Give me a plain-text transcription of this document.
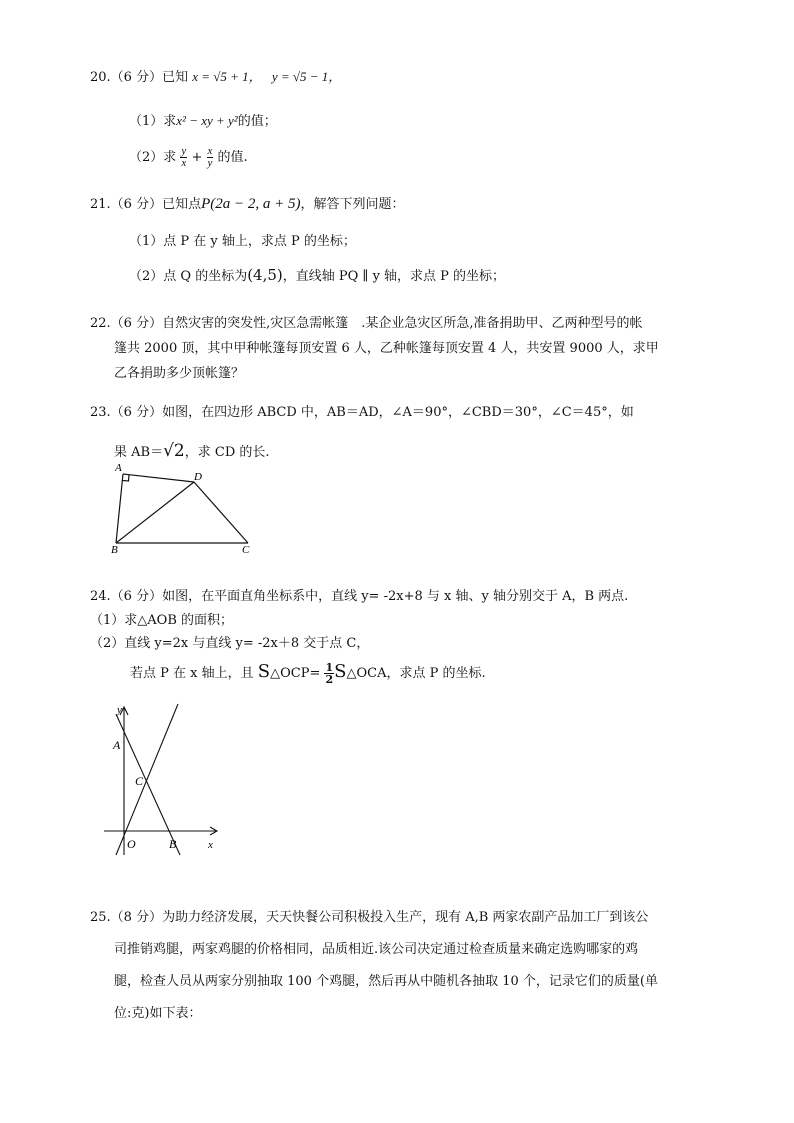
20.（6 分）已知 x = √5 + 1， y = √5 − 1，
（1）求x² − xy + y²的值；
（2）求 $\frac{y}{x} + \frac{x}{y}$ 的值.
21.（6 分）已知点P(2a − 2, a + 5)，解答下列问题：
（1）点 P 在 y 轴上，求点 P 的坐标；
（2）点 Q 的坐标为(4,5)，直线轴 PQ ∥ y 轴，求点 P 的坐标；
22.（6 分）自然灾害的突发性,灾区急需帐篷　.某企业急灾区所急,准备捐助甲、乙两种型号的帐
篷共 2000 顶，其中甲种帐篷每顶安置 6 人，乙种帐篷每顶安置 4 人，共安置 9000 人，求甲
乙各捐助多少顶帐篷？
23.（6 分）如图，在四边形 ABCD 中，AB＝AD，∠A＝90°，∠CBD＝30°，∠C＝45°，如
果 AB＝√2，求 CD 的长.
A
D
B	C
24.（6 分）如图，在平面直角坐标系中，直线 y= -2x+8 与 x 轴、y 轴分别交于 A，B 两点.
（1）求△AOB 的面积；
（2）直线 y=2x 与直线 y= -2x＋8 交于点 C，
若点 P 在 x 轴上，且 S△OCP= $\frac{1}{2}$ S△OCA，求点 P 的坐标.
y
A
C
O	B	x
25.（8 分）为助力经济发展，天天快餐公司积极投入生产，现有 A,B 两家农副产品加工厂到该公
司推销鸡腿，两家鸡腿的价格相同，品质相近.该公司决定通过检查质量来确定选购哪家的鸡
腿，检查人员从两家分别抽取 100 个鸡腿，然后再从中随机各抽取 10 个，记录它们的质量(单
位:克)如下表：
